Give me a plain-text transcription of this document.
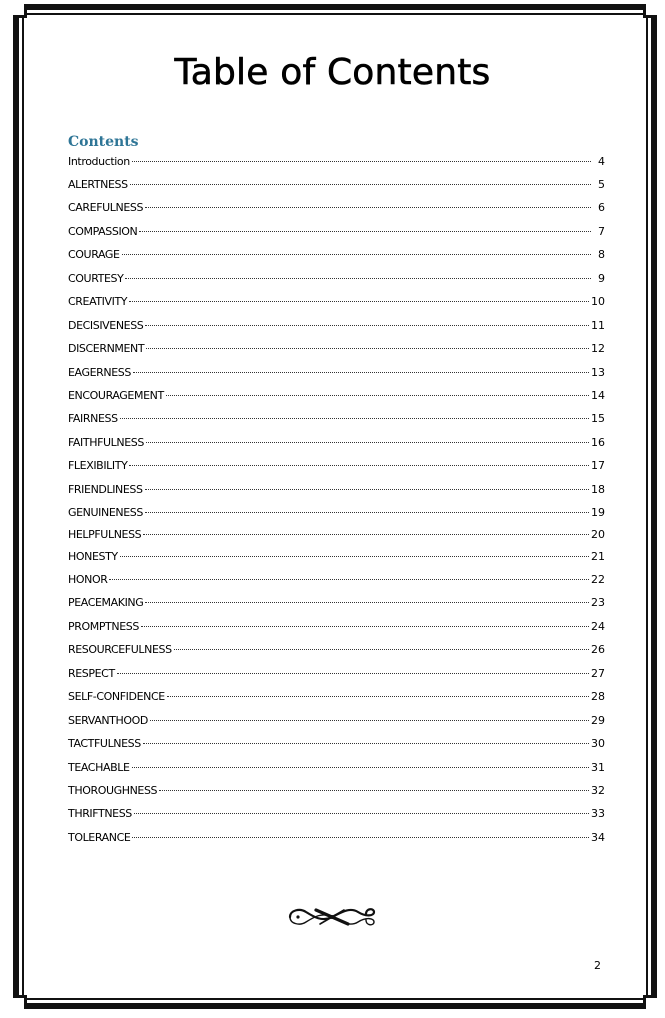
Table of Contents
Contents
Introduction	4
ALERTNESS	5
CAREFULNESS	6
COMPASSION	7
COURAGE	8
COURTESY	9
CREATIVITY	10
DECISIVENESS	11
DISCERNMENT	12
EAGERNESS	13
ENCOURAGEMENT	14
FAIRNESS	15
FAITHFULNESS	16
FLEXIBILITY	17
FRIENDLINESS	18
GENUINENESS	19
HELPFULNESS	20
HONESTY	21
HONOR	22
PEACEMAKING	23
PROMPTNESS	24
RESOURCEFULNESS	26
RESPECT	27
SELF-CONFIDENCE	28
SERVANTHOOD	29
TACTFULNESS	30
TEACHABLE	31
THOROUGHNESS	32
THRIFTNESS	33
TOLERANCE	34
2
